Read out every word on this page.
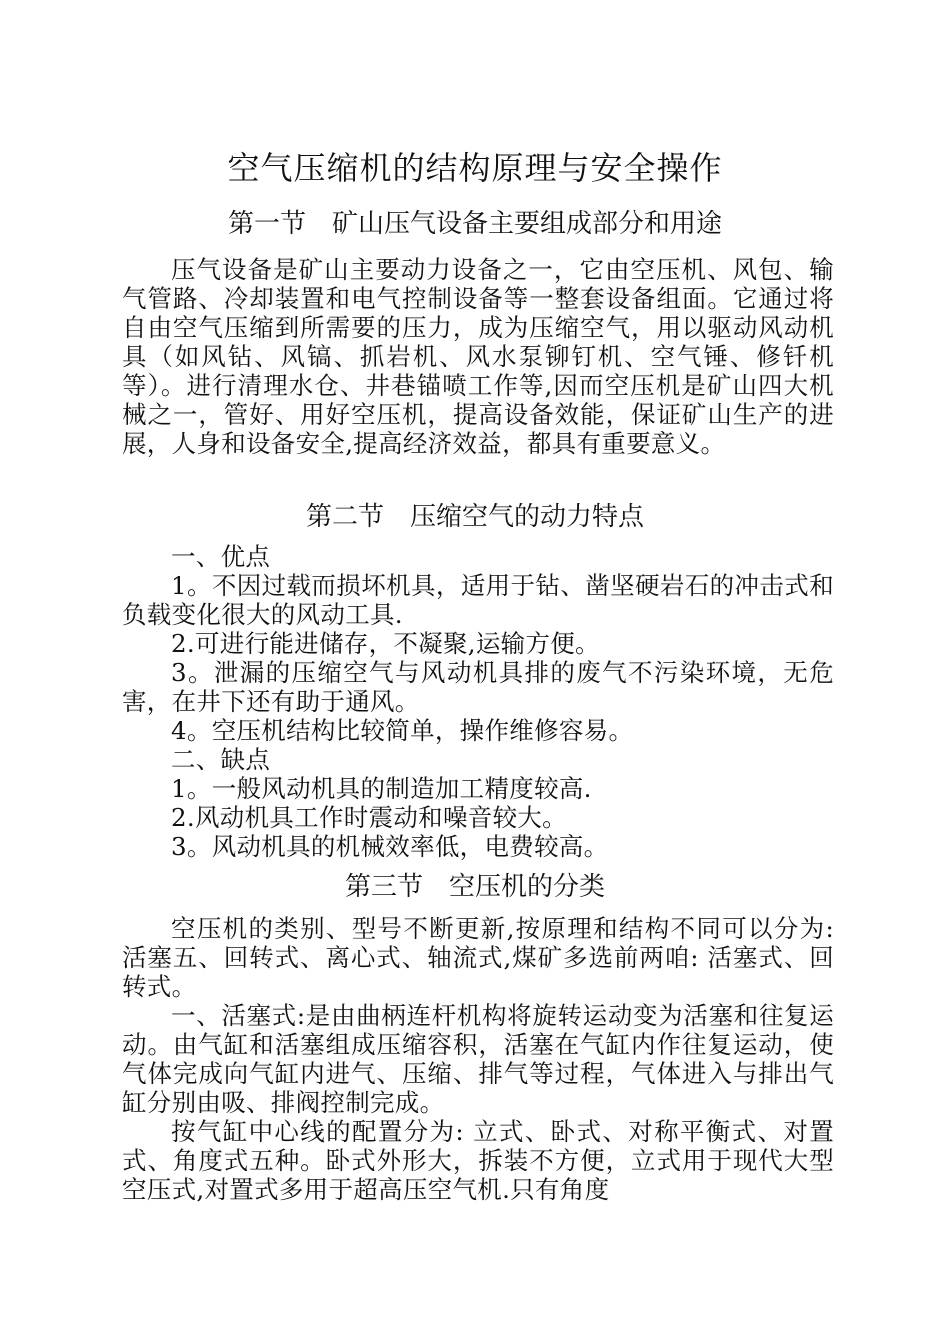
空气压缩机的结构原理与安全操作
第一节　矿山压气设备主要组成部分和用途

压气设备是矿山主要动力设备之一，它由空压机、风包、输气管路、冷却装置和电气控制设备等一整套设备组面。它通过将自由空气压缩到所需要的压力，成为压缩空气，用以驱动风动机具（如风钻、风镐、抓岩机、风水泵铆钉机、空气锤、修钎机等）。进行清理水仓、井巷锚喷工作等,因而空压机是矿山四大机械之一，管好、用好空压机，提高设备效能，保证矿山生产的进展，人身和设备安全,提高经济效益，都具有重要意义。

第二节　压缩空气的动力特点

一、优点

1。不因过载而损坏机具，适用于钻、凿坚硬岩石的冲击式和负载变化很大的风动工具.

2.可进行能进储存，不凝聚,运输方便。

3。泄漏的压缩空气与风动机具排的废气不污染环境，无危害，在井下还有助于通风。

4。空压机结构比较简单，操作维修容易。

二、缺点

1。一般风动机具的制造加工精度较高.

2.风动机具工作时震动和噪音较大。

3。风动机具的机械效率低，电费较高。

第三节　空压机的分类

空压机的类别、型号不断更新,按原理和结构不同可以分为: 活塞五、回转式、离心式、轴流式,煤矿多选前两咱: 活塞式、回转式。

一、活塞式:是由曲柄连杆机构将旋转运动变为活塞和往复运动。由气缸和活塞组成压缩容积，活塞在气缸内作往复运动，使气体完成向气缸内进气、压缩、排气等过程，气体进入与排出气缸分别由吸、排阀控制完成。

按气缸中心线的配置分为: 立式、卧式、对称平衡式、对置式、角度式五种。卧式外形大，拆装不方便，立式用于现代大型空压式,对置式多用于超高压空气机.只有角度
